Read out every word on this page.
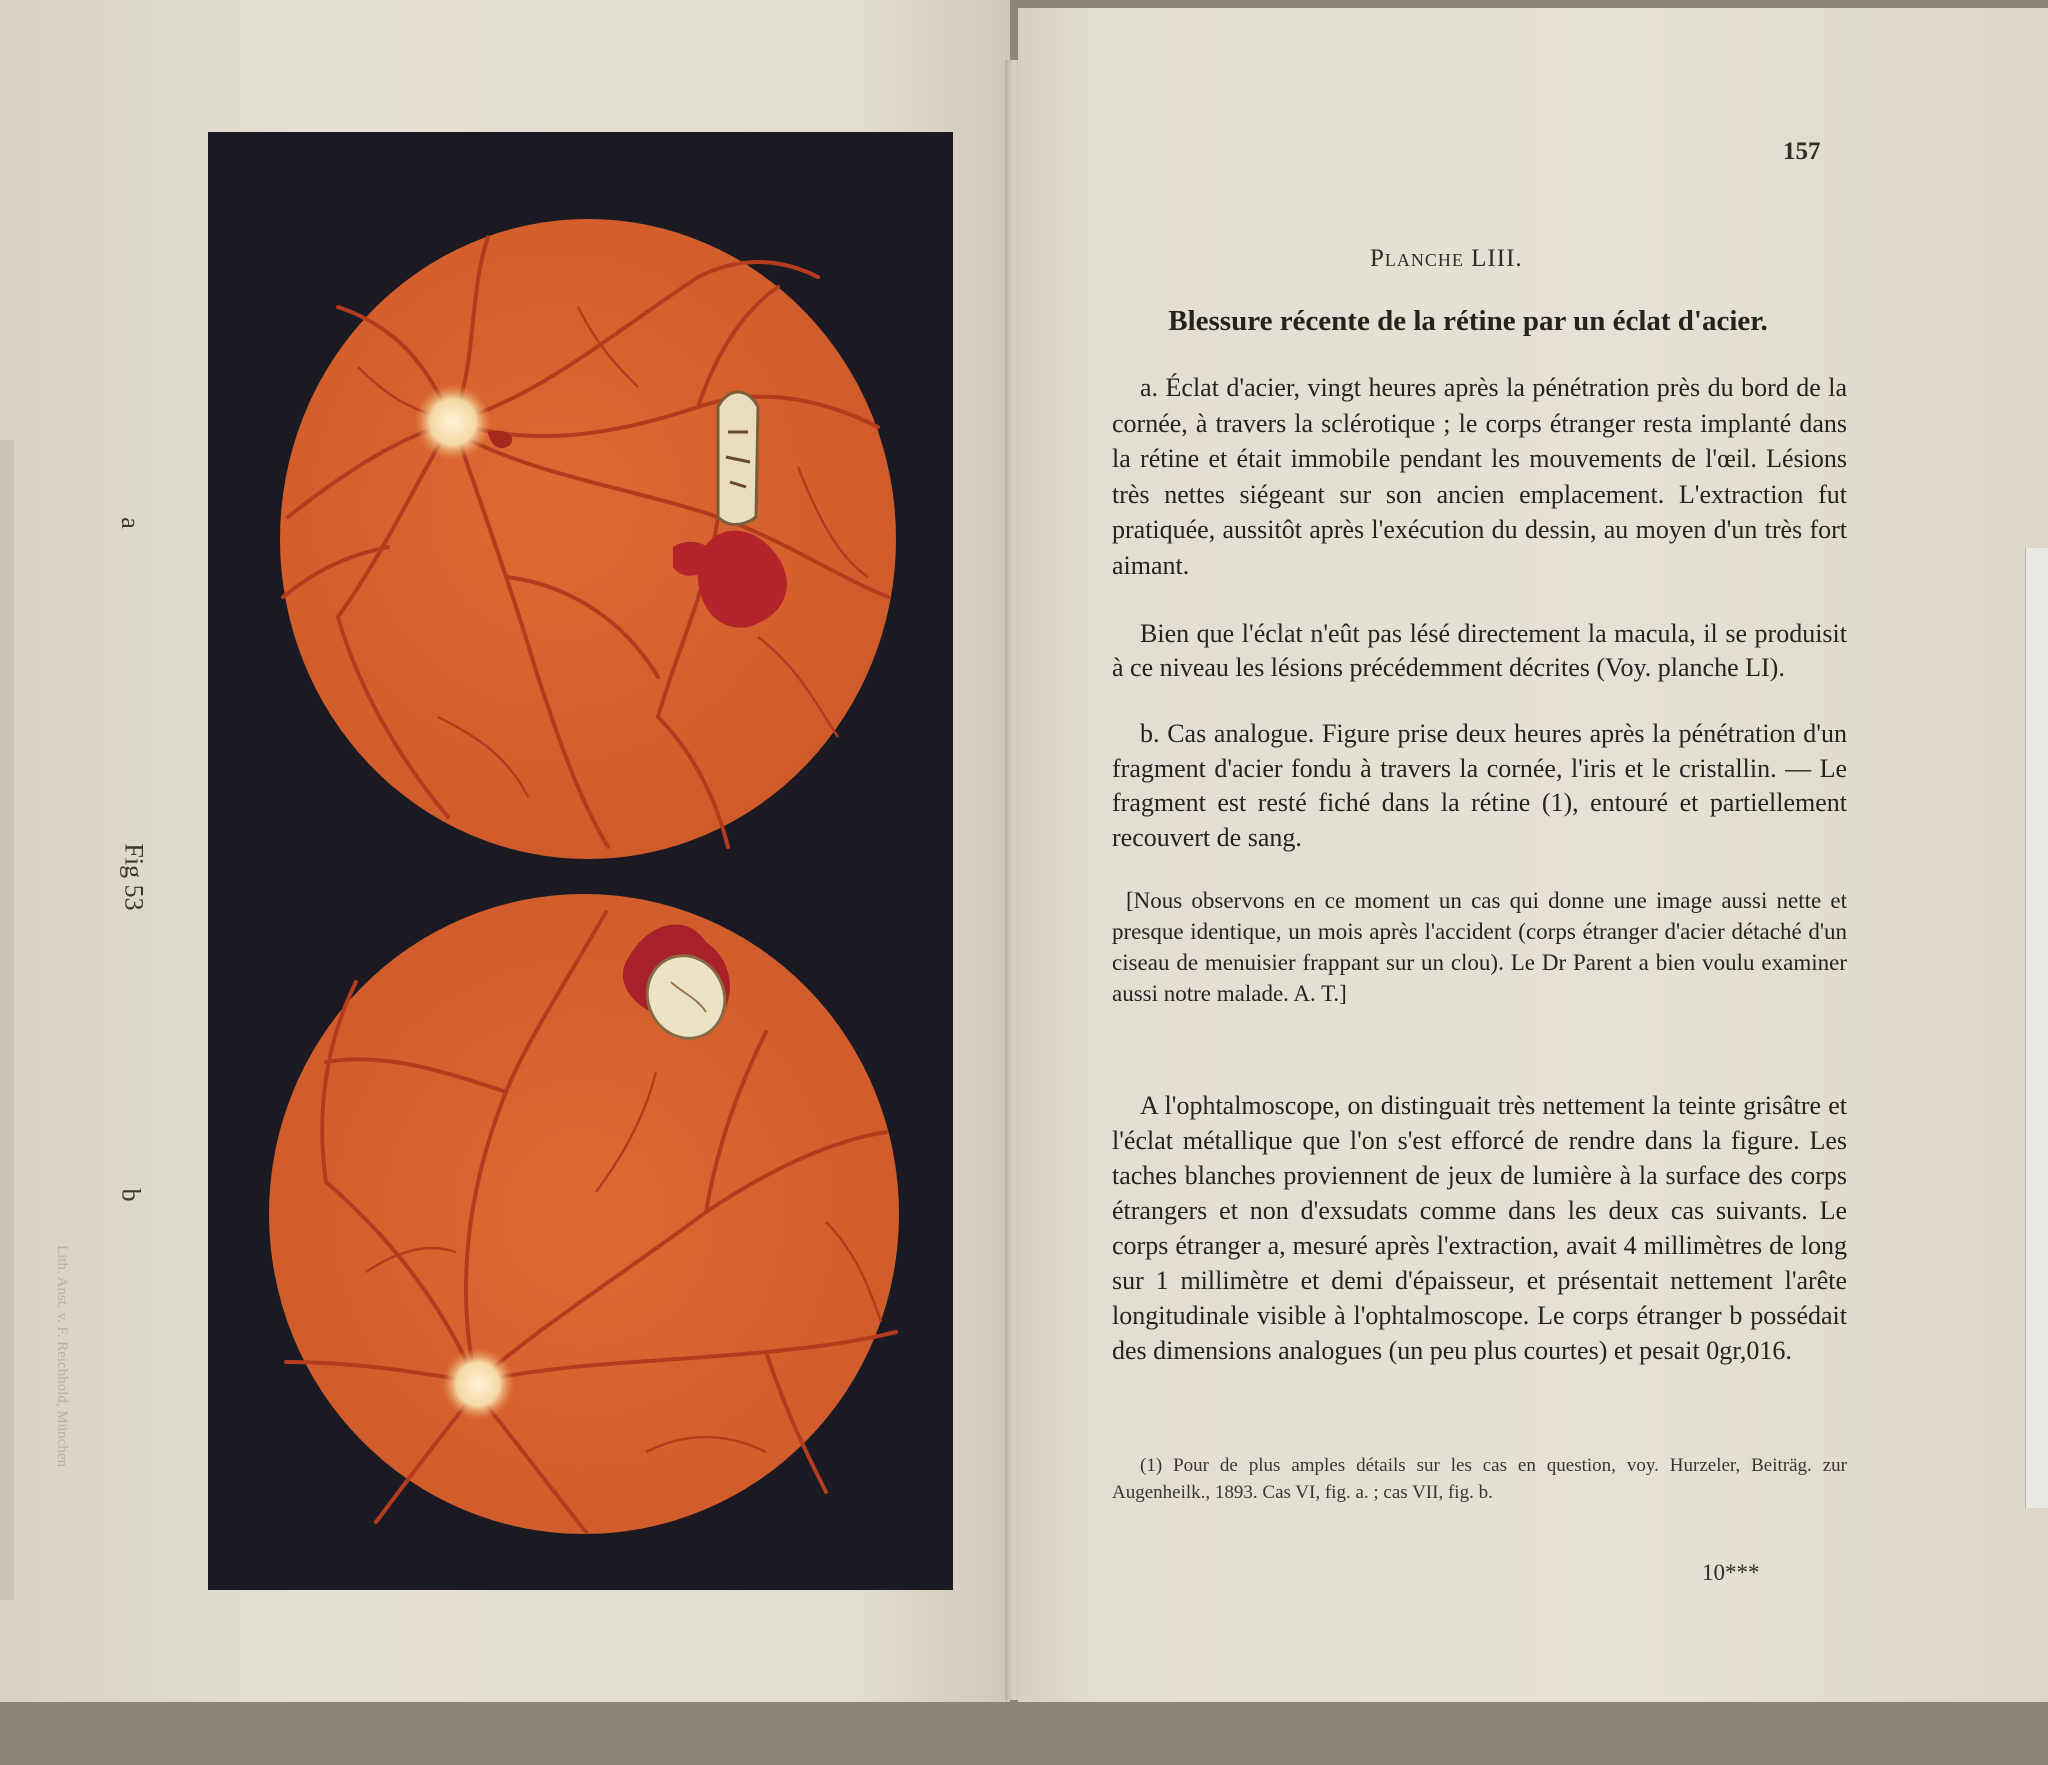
a
Fig 53
b
Lith. Anst. v. F. Reichhold, München
157
Planche LIII.
Blessure récente de la rétine par un éclat d'acier.
a. Éclat d'acier, vingt heures après la pénétration près du bord de la cornée, à travers la sclérotique ; le corps étranger resta implanté dans la rétine et était immobile pendant les mouvements de l'œil. Lésions très nettes siégeant sur son ancien emplacement. L'extraction fut pratiquée, aussitôt après l'exécution du dessin, au moyen d'un très fort aimant.
Bien que l'éclat n'eût pas lésé directement la macula, il se produisit à ce niveau les lésions précédemment décrites (Voy. planche LI).
b. Cas analogue. Figure prise deux heures après la pénétration d'un fragment d'acier fondu à travers la cornée, l'iris et le cristallin. — Le fragment est resté fiché dans la rétine (1), entouré et partiellement recouvert de sang.
[Nous observons en ce moment un cas qui donne une image aussi nette et presque identique, un mois après l'accident (corps étranger d'acier détaché d'un ciseau de menuisier frappant sur un clou). Le Dr Parent a bien voulu examiner aussi notre malade. A. T.]
A l'ophtalmoscope, on distinguait très nettement la teinte grisâtre et l'éclat métallique que l'on s'est efforcé de rendre dans la figure. Les taches blanches proviennent de jeux de lumière à la surface des corps étrangers et non d'exsudats comme dans les deux cas suivants. Le corps étranger a, mesuré après l'extraction, avait 4 millimètres de long sur 1 millimètre et demi d'épaisseur, et présentait nettement l'arête longitudinale visible à l'ophtalmoscope. Le corps étranger b possédait des dimensions analogues (un peu plus courtes) et pesait 0gr,016.
(1) Pour de plus amples détails sur les cas en question, voy. Hurzeler, Beiträg. zur Augenheilk., 1893. Cas VI, fig. a. ; cas VII, fig. b.
10***
